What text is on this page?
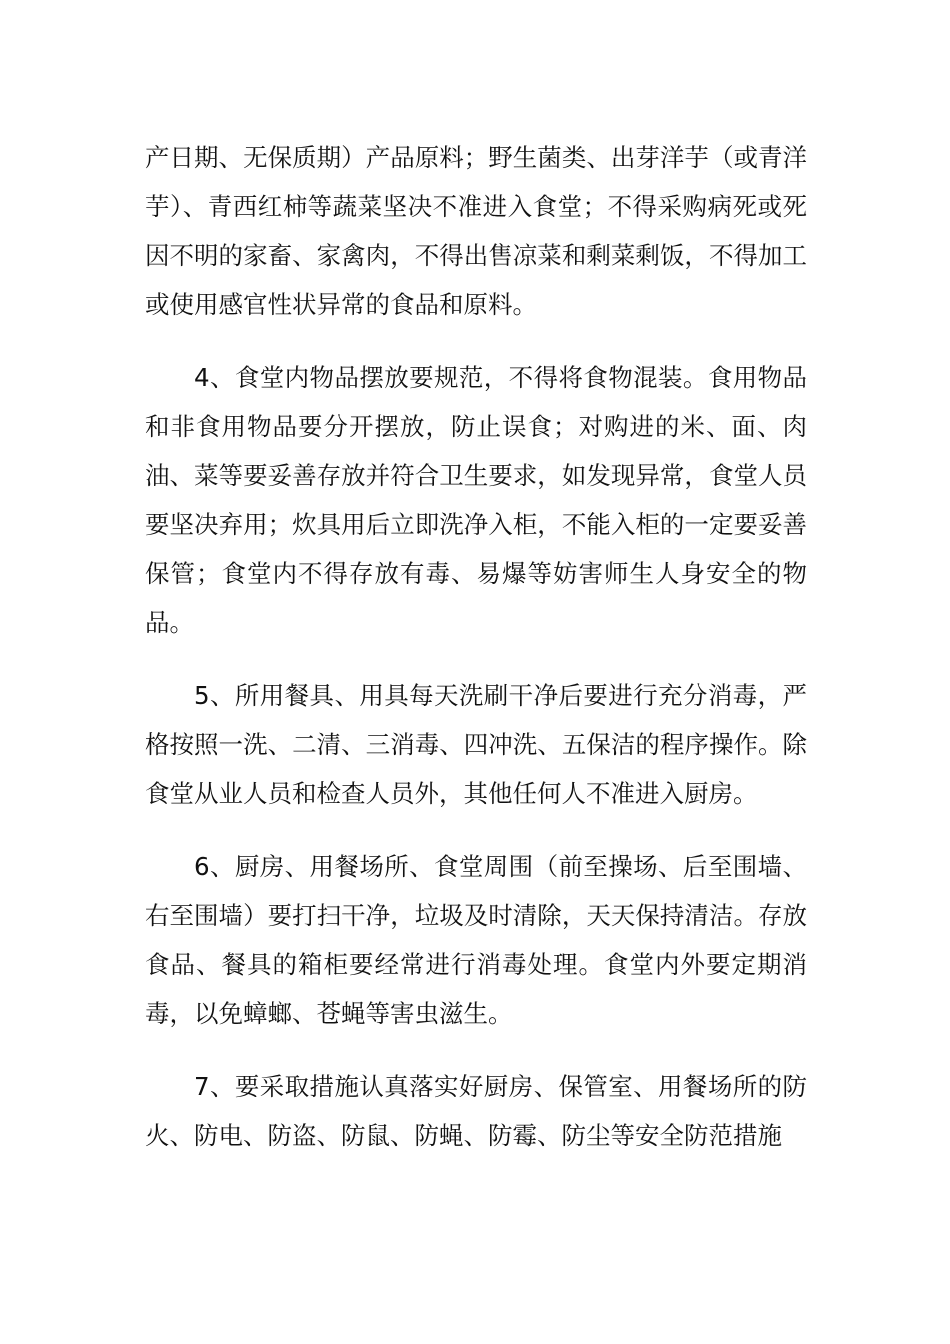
产日期、无保质期）产品原料；野生菌类、出芽洋芋（或青洋芋）、青西红柿等蔬菜坚决不准进入食堂；不得采购病死或死因不明的家畜、家禽肉，不得出售凉菜和剩菜剩饭，不得加工或使用感官性状异常的食品和原料。

4、食堂内物品摆放要规范，不得将食物混装。食用物品和非食用物品要分开摆放，防止误食；对购进的米、面、肉油、菜等要妥善存放并符合卫生要求，如发现异常，食堂人员要坚决弃用；炊具用后立即洗净入柜，不能入柜的一定要妥善保管；食堂内不得存放有毒、易爆等妨害师生人身安全的物品。

5、所用餐具、用具每天洗刷干净后要进行充分消毒，严格按照一洗、二清、三消毒、四冲洗、五保洁的程序操作。除食堂从业人员和检查人员外，其他任何人不准进入厨房。

6、厨房、用餐场所、食堂周围（前至操场、后至围墙、右至围墙）要打扫干净，垃圾及时清除，天天保持清洁。存放食品、餐具的箱柜要经常进行消毒处理。食堂内外要定期消毒，以免蟑螂、苍蝇等害虫滋生。

7、要采取措施认真落实好厨房、保管室、用餐场所的防火、防电、防盗、防鼠、防蝇、防霉、防尘等安全防范措施
